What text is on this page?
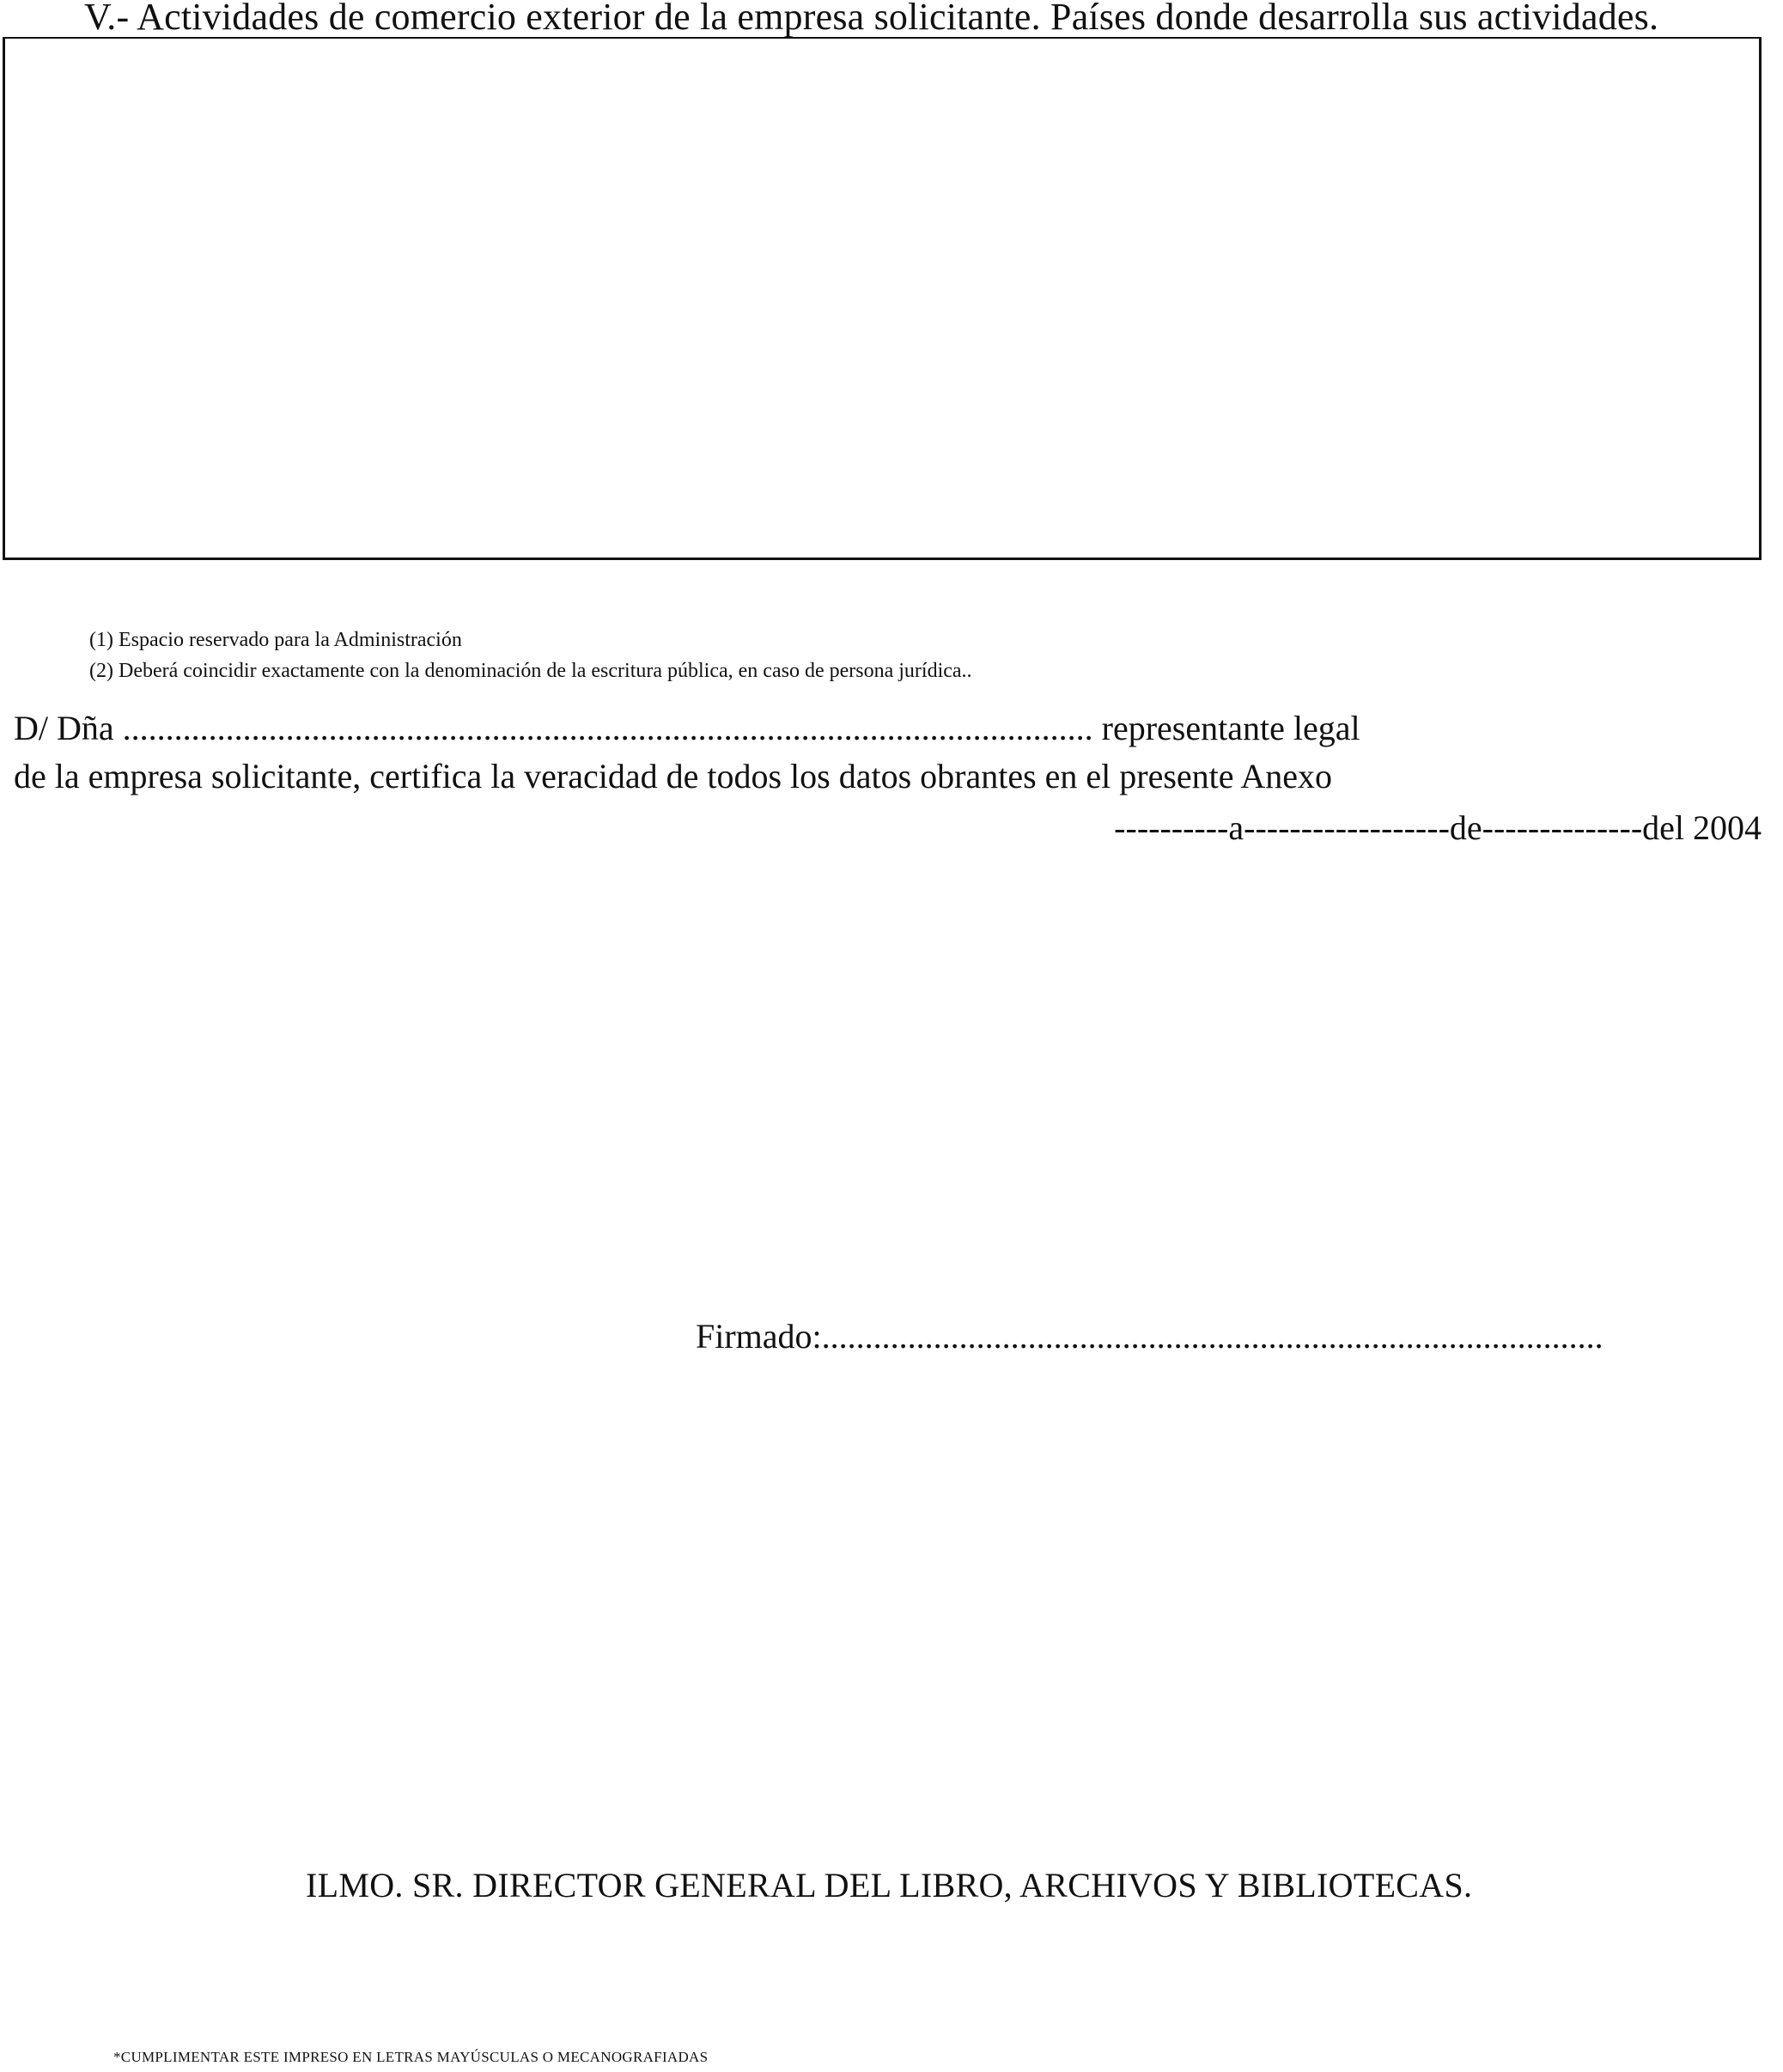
V.- Actividades de comercio exterior de la empresa solicitante. Países donde desarrolla sus actividades.
(1) Espacio reservado para la Administración
(2) Deberá coincidir exactamente con la denominación de la escritura pública, en caso de persona jurídica..
D/ Dña ................................................................................................................. representante legal
de la empresa solicitante, certifica la veracidad de todos los datos obrantes en el presente Anexo
----------a------------------de--------------del 2004
Firmado:...........................................................................................
ILMO. SR. DIRECTOR GENERAL DEL LIBRO, ARCHIVOS Y BIBLIOTECAS.
*CUMPLIMENTAR ESTE IMPRESO EN LETRAS MAYÚSCULAS O MECANOGRAFIADAS
